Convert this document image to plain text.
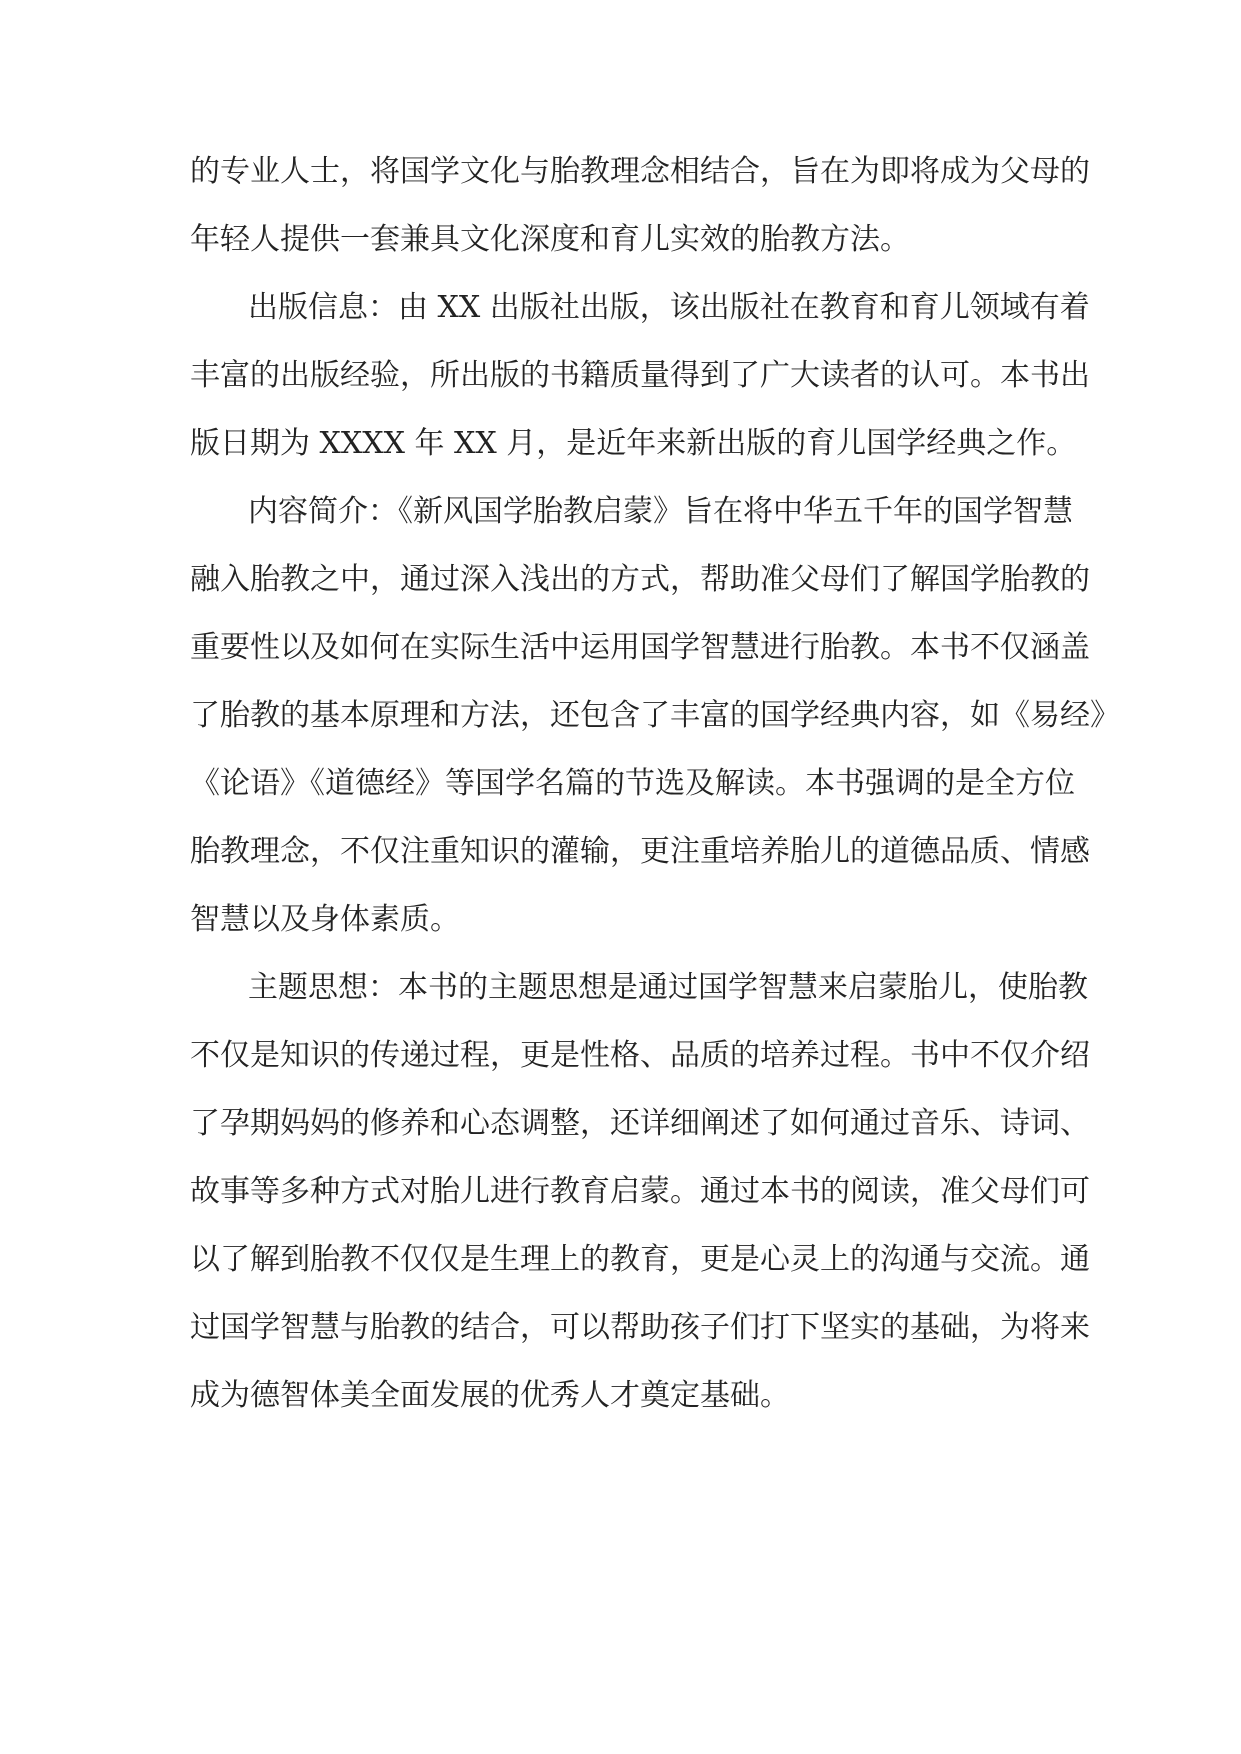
的专业人士，将国学文化与胎教理念相结合，旨在为即将成为父母的
年轻人提供一套兼具文化深度和育儿实效的胎教方法。
出版信息：由 XX 出版社出版，该出版社在教育和育儿领域有着
丰富的出版经验，所出版的书籍质量得到了广大读者的认可。本书出
版日期为 XXXX 年 XX 月，是近年来新出版的育儿国学经典之作。
内容简介：《新风国学胎教启蒙》旨在将中华五千年的国学智慧
融入胎教之中，通过深入浅出的方式，帮助准父母们了解国学胎教的
重要性以及如何在实际生活中运用国学智慧进行胎教。本书不仅涵盖
了胎教的基本原理和方法，还包含了丰富的国学经典内容，如《易经》
《论语》《道德经》等国学名篇的节选及解读。本书强调的是全方位
胎教理念，不仅注重知识的灌输，更注重培养胎儿的道德品质、情感
智慧以及身体素质。
主题思想：本书的主题思想是通过国学智慧来启蒙胎儿，使胎教
不仅是知识的传递过程，更是性格、品质的培养过程。书中不仅介绍
了孕期妈妈的修养和心态调整，还详细阐述了如何通过音乐、诗词、
故事等多种方式对胎儿进行教育启蒙。通过本书的阅读，准父母们可
以了解到胎教不仅仅是生理上的教育，更是心灵上的沟通与交流。通
过国学智慧与胎教的结合，可以帮助孩子们打下坚实的基础，为将来
成为德智体美全面发展的优秀人才奠定基础。
